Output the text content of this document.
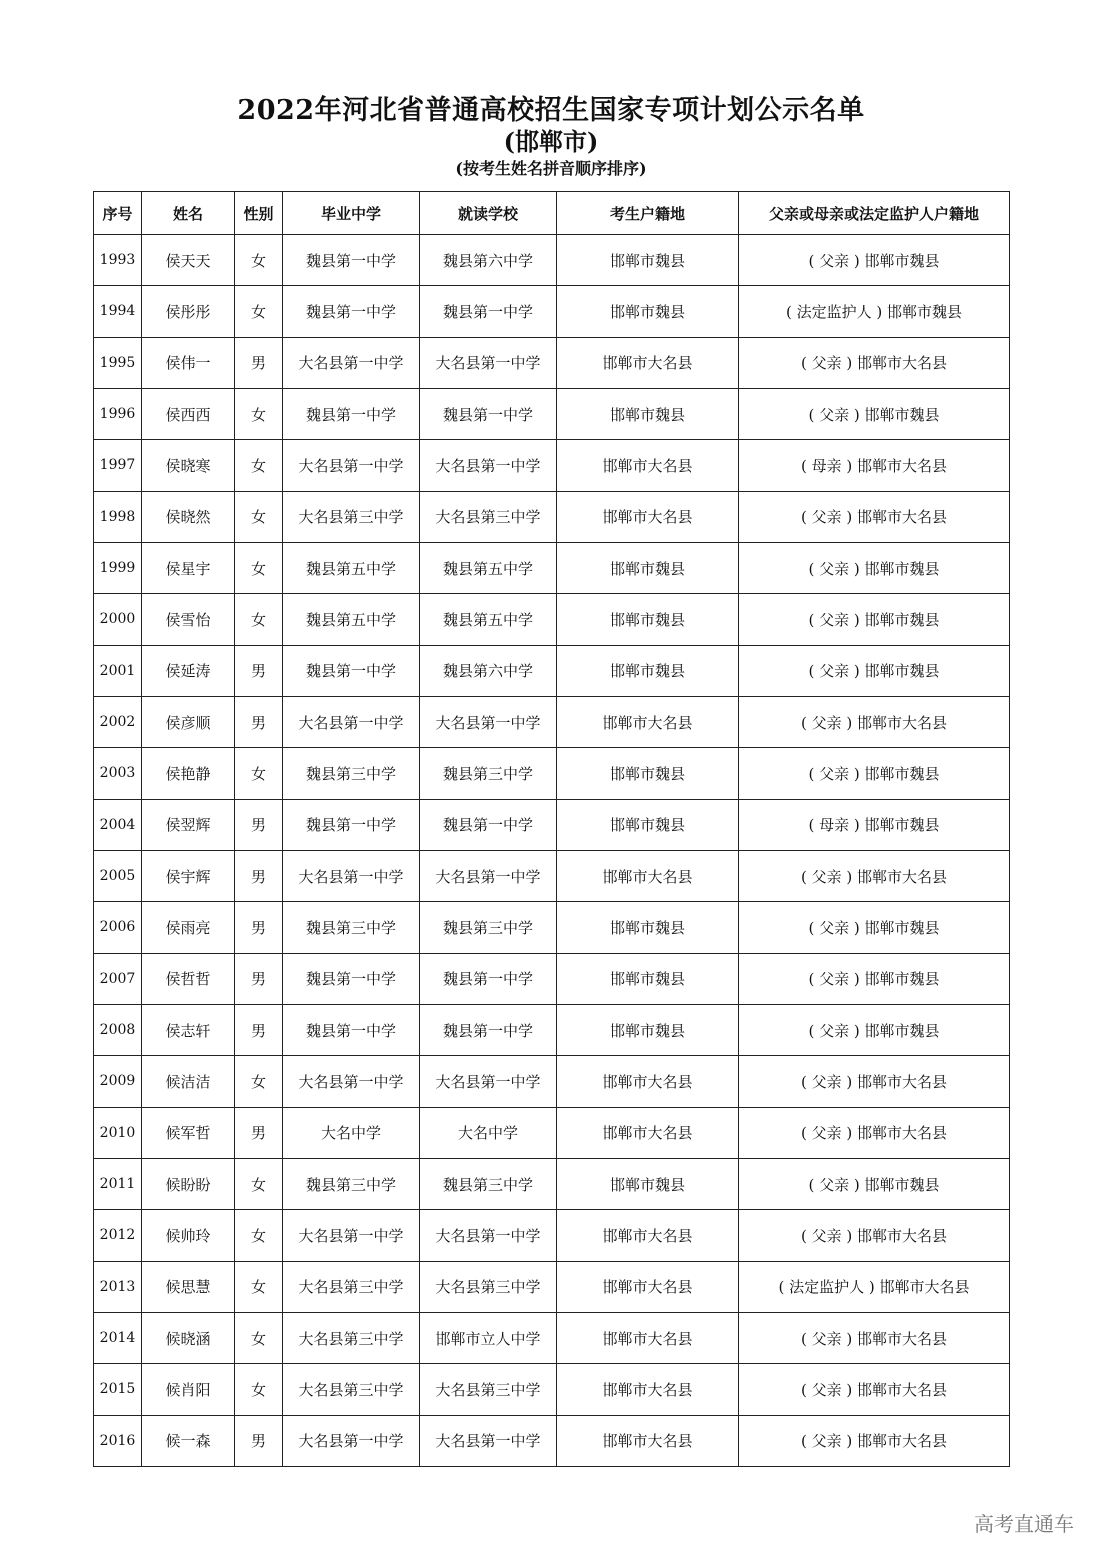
2022年河北省普通高校招生国家专项计划公示名单
(邯郸市)
(按考生姓名拼音顺序排序)
序号	姓名	性别	毕业中学	就读学校	考生户籍地	父亲或母亲或法定监护人户籍地
1993	侯天天	女	魏县第一中学	魏县第六中学	邯郸市魏县	( 父亲 ) 邯郸市魏县
1994	侯彤彤	女	魏县第一中学	魏县第一中学	邯郸市魏县	( 法定监护人 ) 邯郸市魏县
1995	侯伟一	男	大名县第一中学	大名县第一中学	邯郸市大名县	( 父亲 ) 邯郸市大名县
1996	侯西西	女	魏县第一中学	魏县第一中学	邯郸市魏县	( 父亲 ) 邯郸市魏县
1997	侯晓寒	女	大名县第一中学	大名县第一中学	邯郸市大名县	( 母亲 ) 邯郸市大名县
1998	侯晓然	女	大名县第三中学	大名县第三中学	邯郸市大名县	( 父亲 ) 邯郸市大名县
1999	侯星宇	女	魏县第五中学	魏县第五中学	邯郸市魏县	( 父亲 ) 邯郸市魏县
2000	侯雪怡	女	魏县第五中学	魏县第五中学	邯郸市魏县	( 父亲 ) 邯郸市魏县
2001	侯延涛	男	魏县第一中学	魏县第六中学	邯郸市魏县	( 父亲 ) 邯郸市魏县
2002	侯彦顺	男	大名县第一中学	大名县第一中学	邯郸市大名县	( 父亲 ) 邯郸市大名县
2003	侯艳静	女	魏县第三中学	魏县第三中学	邯郸市魏县	( 父亲 ) 邯郸市魏县
2004	侯翌辉	男	魏县第一中学	魏县第一中学	邯郸市魏县	( 母亲 ) 邯郸市魏县
2005	侯宇辉	男	大名县第一中学	大名县第一中学	邯郸市大名县	( 父亲 ) 邯郸市大名县
2006	侯雨亮	男	魏县第三中学	魏县第三中学	邯郸市魏县	( 父亲 ) 邯郸市魏县
2007	侯哲哲	男	魏县第一中学	魏县第一中学	邯郸市魏县	( 父亲 ) 邯郸市魏县
2008	侯志轩	男	魏县第一中学	魏县第一中学	邯郸市魏县	( 父亲 ) 邯郸市魏县
2009	候洁洁	女	大名县第一中学	大名县第一中学	邯郸市大名县	( 父亲 ) 邯郸市大名县
2010	候军哲	男	大名中学	大名中学	邯郸市大名县	( 父亲 ) 邯郸市大名县
2011	候盼盼	女	魏县第三中学	魏县第三中学	邯郸市魏县	( 父亲 ) 邯郸市魏县
2012	候帅玲	女	大名县第一中学	大名县第一中学	邯郸市大名县	( 父亲 ) 邯郸市大名县
2013	候思慧	女	大名县第三中学	大名县第三中学	邯郸市大名县	( 法定监护人 ) 邯郸市大名县
2014	候晓涵	女	大名县第三中学	邯郸市立人中学	邯郸市大名县	( 父亲 ) 邯郸市大名县
2015	候肖阳	女	大名县第三中学	大名县第三中学	邯郸市大名县	( 父亲 ) 邯郸市大名县
2016	候一森	男	大名县第一中学	大名县第一中学	邯郸市大名县	( 父亲 ) 邯郸市大名县
高考直通车
